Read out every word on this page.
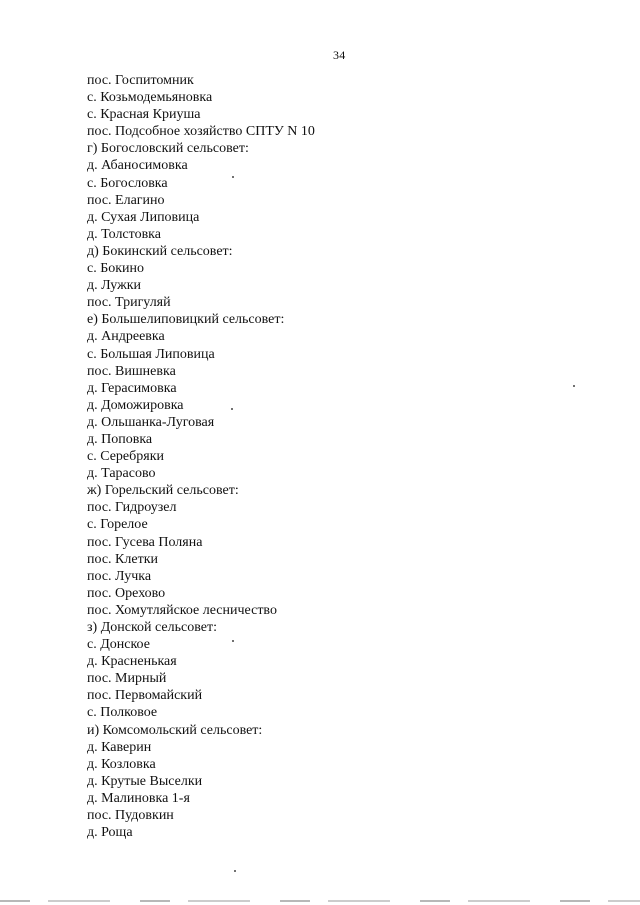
34
пос. Госпитомник
с. Козьмодемьяновка
с. Красная Криуша
пос. Подсобное хозяйство СПТУ N 10
г) Богословский сельсовет:
д. Абаносимовка
с. Богословка
пос. Елагино
д. Сухая Липовица
д. Толстовка
д) Бокинский сельсовет:
с. Бокино
д. Лужки
пос. Тригуляй
е) Большелиповицкий сельсовет:
д. Андреевка
с. Большая Липовица
пос. Вишневка
д. Герасимовка
д. Доможировка
д. Ольшанка-Луговая
д. Поповка
с. Серебряки
д. Тарасово
ж) Горельский сельсовет:
пос. Гидроузел
с. Горелое
пос. Гусева Поляна
пос. Клетки
пос. Лучка
пос. Орехово
пос. Хомутляйское лесничество
з) Донской сельсовет:
с. Донское
д. Красненькая
пос. Мирный
пос. Первомайский
с. Полковое
и) Комсомольский сельсовет:
д. Каверин
д. Козловка
д. Крутые Выселки
д. Малиновка 1-я
пос. Пудовкин
д. Роща
